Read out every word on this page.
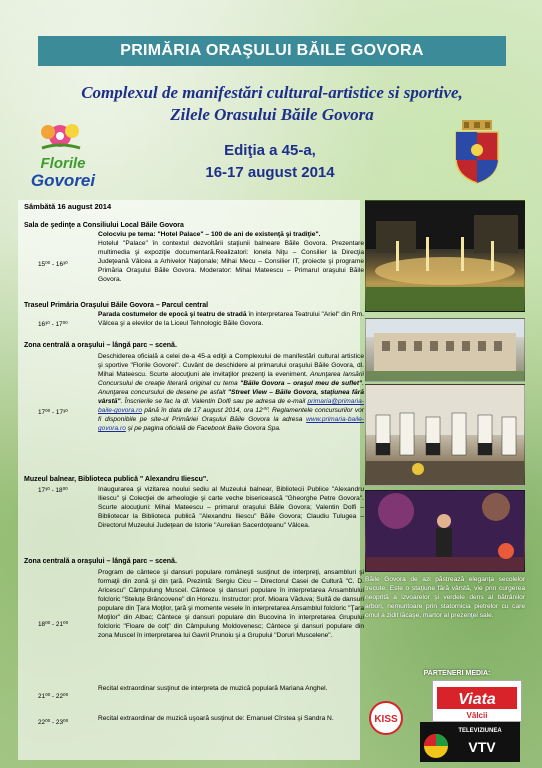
PRIMĂRIA ORAŞULUI BĂILE GOVORA
Complexul de manifestări cultural-artistice si sportive,
Zilele Orasului Băile Govora
Florile
Govorei
Ediţia a 45-a,
16-17 august 2014
Sâmbătă 16 august 2014
Sala de şedinţe a Consiliului Local Băile Govora
Colocviu pe tema: "Hotel Palace" – 100 de ani de existenţă şi tradiţie".
15⁰⁰ - 16³⁰
Hotelul "Palace" în contextul dezvoltării staţiunii balneare Băile Govora. Prezentare multimedia şi expoziţie documentară.Realizatori: Ionela Niţu – Consilier la Direcţia Judeţeană Vâlcea a Arhivelor Naţionale; Mihai Mecu – Consilier IT, proiecte şi programe Primăria Oraşului Băile Govora. Moderator: Mihai Mateescu – Primarul oraşului Băile Govora.
Traseul Primăria Oraşului Băile Govora – Parcul central
16³⁰ - 17⁰⁰
Parada costumelor de epocă şi teatru de stradă în interpretarea Teatrului "Ariel" din Rm. Vâlcea şi a elevilor de la Liceul Tehnologic Băile Govora.
Zona centrală a oraşului – lângă parc – scenă.
17⁰⁰ - 17³⁰
Deschiderea oficială a celei de-a 45-a ediţii a Complexului de manifestări cultural artistice şi sportive "Florile Govorei". Cuvânt de deschidere al primarului oraşului Băile Govora, dl. Mihai Mateescu. Scurte alocuţiuni ale invitaţilor prezenţi la eveniment. Anunţarea lansării Concursului de creaţie literară original cu tema "Băile Govora – oraşul meu de suflet". Anunţarea concursului de desene pe asfalt "Street View – Băile Govora, staţiunea fără vârstă". Înscrierile se fac la dl. Valentin Dolfi sau pe adresa de e-mail primaria@primaria-baile-govora.ro până în data de 17 august 2014, ora 12⁰⁰. Reglamentele concursurilor vor fi disponibile pe site-ul Primăriei Oraşului Băile Govora la adresa www.primaria-baile-govora.ro şi pe pagina oficială de Facebook Baile Govora Spa.
Muzeul balnear, Biblioteca publică " Alexandru Iliescu".
17³⁰ - 18⁰⁰	Inaugurarea şi vizitarea noului sediu al Muzeului balnear, Bibliotecii Publice "Alexandru Iliescu" şi Colecţiei de arheologie şi carte veche bisericească "Gheorghe Petre Govora". Scurte alocuţiuni: Mihai Mateescu – primarul oraşului Băile Govora; Valentin Dolfi – Bibliotecar la Biblioteca publică "Alexandru Iliescu" Băile Govora; Claudiu Tulugea – Directorul Muzeului Judeţean de Istorie "Aurelian Sacerdoţeanu" Vâlcea.
Zona centrală a oraşului – lângă parc – scenă.
18⁰⁰ - 21⁰⁰
Program de cântece şi dansuri populare româneşti susţinut de interpreţi, ansambluri şi formaţii din zonă şi din ţară. Prezintă: Sergiu Cicu – Directorul Casei de Cultură "C. D. Aricescu" Câmpulung Muscel. Cântece şi dansuri populare în interpretarea Ansamblului folcloric "Steluţe Brâncovene" din Horezu. Instructor: prof. Mioara Văduva; Suită de dansuri populare din Ţara Moţilor, ţară şi momente vesele în interpretarea Ansamblul folcloric "Ţara Moţilor" din Albac; Cântece şi dansuri populare din Bucovina în interpretarea Grupului folcloric "Floare de colţ" din Câmpulung Moldovenesc; Cântece şi dansuri populare din zona Muscel în interpretarea lui Gavril Prunoiu şi a Grupului "Doruri Muscelene".
21⁰⁰ - 22⁰⁰
Recital extraordinar susţinut de interpreta de muzică populară Mariana Anghel.
22⁰⁰ - 23⁰⁰
Recital extraordinar de muzică uşoară susţinut de: Emanuel Cîrstea şi Sandra N.
Băile Govora de azi păstrează eleganţa secolelor trecute. Este o staţiune fără vârstă, vie prin curgerea neoprită a izvoarelor şi verdele dens al bătrânilor arbori, nemuritoare prin statornicia pietrelor cu care omul a zidit lăcaşe, martor al prezenţei sale.
PARTENERI MEDIA:
Viata
Vâlcii
KISS
TELEVIZIUNEA
VTV
